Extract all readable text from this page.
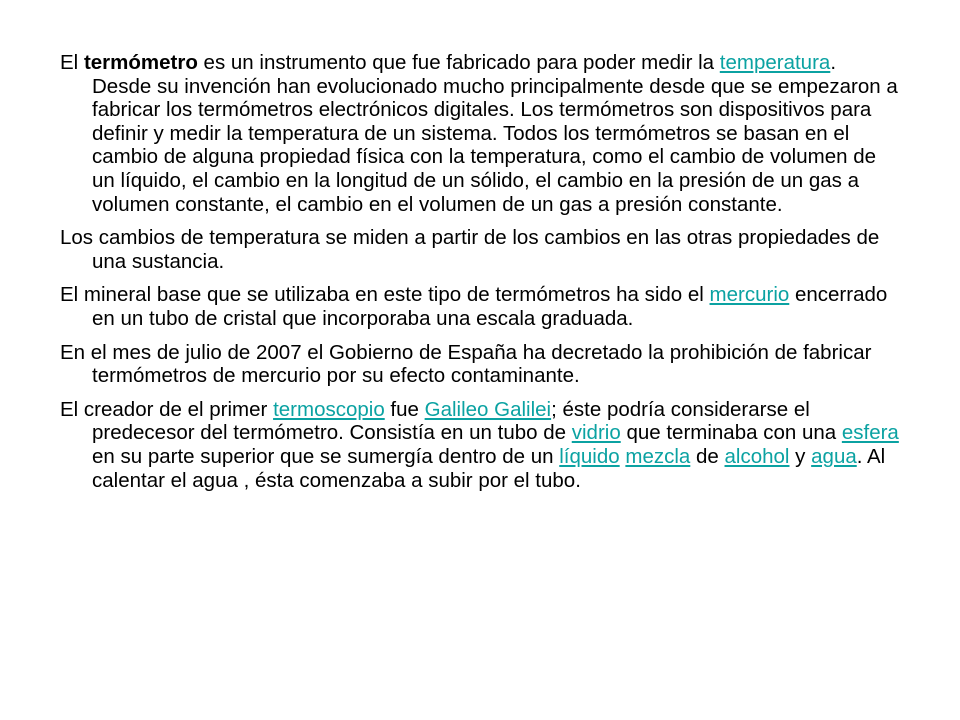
El termómetro es un instrumento que fue fabricado para poder medir la temperatura. Desde su invención han evolucionado mucho principalmente desde que se empezaron a fabricar los termómetros electrónicos digitales. Los termómetros son dispositivos para definir y medir la temperatura de un sistema. Todos los termómetros se basan en el cambio de alguna propiedad física con la temperatura, como el cambio de volumen de un líquido, el cambio en la longitud de un sólido, el cambio en la presión de un gas a volumen constante, el cambio en el volumen de un gas a presión constante.

Los cambios de temperatura se miden a partir de los cambios en las otras propiedades de una sustancia.

El mineral base que se utilizaba en este tipo de termómetros ha sido el mercurio encerrado en un tubo de cristal que incorporaba una escala graduada.

En el mes de julio de 2007 el Gobierno de España ha decretado la prohibición de fabricar termómetros de mercurio por su efecto contaminante.

El creador de el primer termoscopio fue Galileo Galilei; éste podría considerarse el predecesor del termómetro. Consistía en un tubo de vidrio que terminaba con una esfera en su parte superior que se sumergía dentro de un líquido mezcla de alcohol y agua. Al calentar el agua , ésta comenzaba a subir por el tubo.
